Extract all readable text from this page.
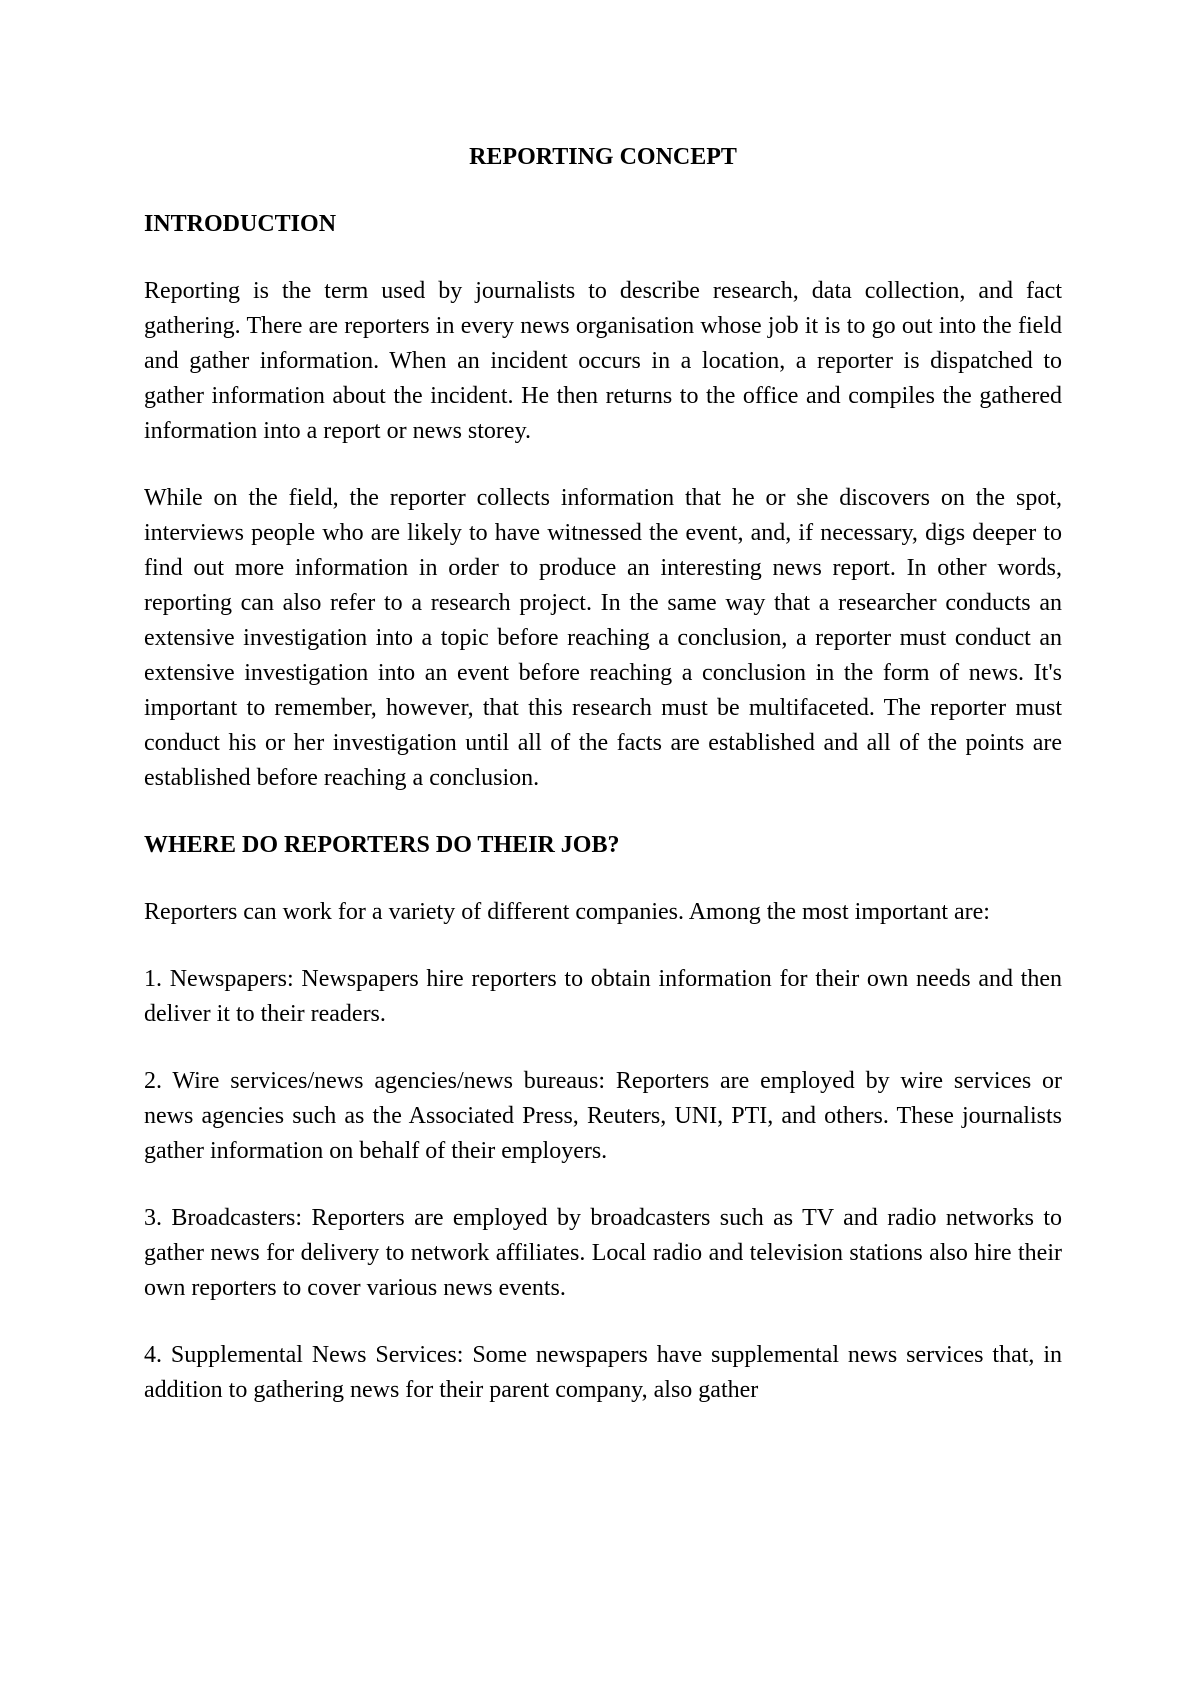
REPORTING CONCEPT
INTRODUCTION

Reporting is the term used by journalists to describe research, data collection, and fact gathering. There are reporters in every news organisation whose job it is to go out into the field and gather information. When an incident occurs in a location, a reporter is dispatched to gather information about the incident. He then returns to the office and compiles the gathered information into a report or news storey.

While on the field, the reporter collects information that he or she discovers on the spot, interviews people who are likely to have witnessed the event, and, if necessary, digs deeper to find out more information in order to produce an interesting news report. In other words, reporting can also refer to a research project. In the same way that a researcher conducts an extensive investigation into a topic before reaching a conclusion, a reporter must conduct an extensive investigation into an event before reaching a conclusion in the form of news. It's important to remember, however, that this research must be multifaceted. The reporter must conduct his or her investigation until all of the facts are established and all of the points are established before reaching a conclusion.

WHERE DO REPORTERS DO THEIR JOB?

Reporters can work for a variety of different companies. Among the most important are:

1. Newspapers: Newspapers hire reporters to obtain information for their own needs and then deliver it to their readers.

2. Wire services/news agencies/news bureaus: Reporters are employed by wire services or news agencies such as the Associated Press, Reuters, UNI, PTI, and others. These journalists gather information on behalf of their employers.

3. Broadcasters: Reporters are employed by broadcasters such as TV and radio networks to gather news for delivery to network affiliates. Local radio and television stations also hire their own reporters to cover various news events.

4. Supplemental News Services: Some newspapers have supplemental news services that, in addition to gathering news for their parent company, also gather
